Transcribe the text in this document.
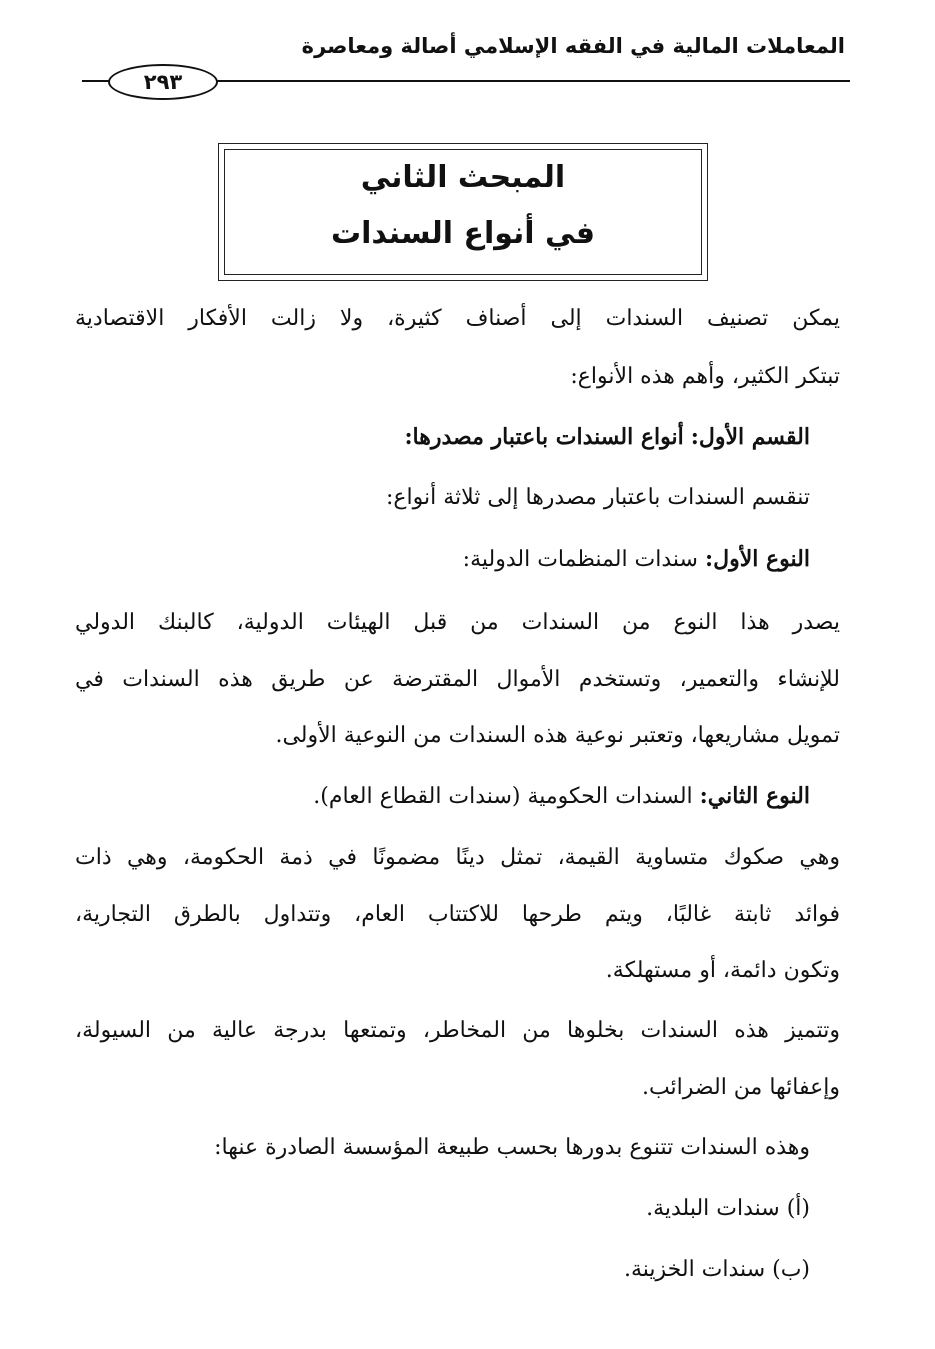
المعاملات المالية في الفقه الإسلامي أصالة ومعاصرة
٢٩٣
المبحث الثاني
في أنواع السندات
يمكن تصنيف السندات إلى أصناف كثيرة، ولا زالت الأفكار الاقتصادية
تبتكر الكثير، وأهم هذه الأنواع:
القسم الأول: أنواع السندات باعتبار مصدرها:
تنقسم السندات باعتبار مصدرها إلى ثلاثة أنواع:
النوع الأول: سندات المنظمات الدولية:
يصدر هذا النوع من السندات من قبل الهيئات الدولية، كالبنك الدولي
للإنشاء والتعمير، وتستخدم الأموال المقترضة عن طريق هذه السندات في
تمويل مشاريعها، وتعتبر نوعية هذه السندات من النوعية الأولى.
النوع الثاني: السندات الحكومية (سندات القطاع العام).
وهي صكوك متساوية القيمة، تمثل دينًا مضمونًا في ذمة الحكومة، وهي ذات
فوائد ثابتة غالبًا، ويتم طرحها للاكتتاب العام، وتتداول بالطرق التجارية،
وتكون دائمة، أو مستهلكة.
وتتميز هذه السندات بخلوها من المخاطر، وتمتعها بدرجة عالية من السيولة،
وإعفائها من الضرائب.
وهذه السندات تتنوع بدورها بحسب طبيعة المؤسسة الصادرة عنها:
(أ) سندات البلدية.
(ب) سندات الخزينة.
